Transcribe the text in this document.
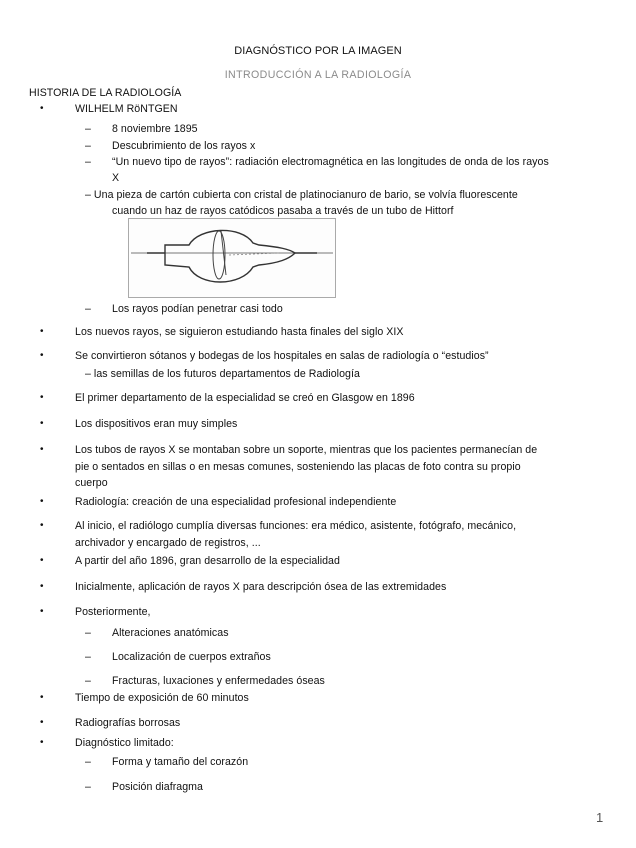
DIAGNÓSTICO POR LA IMAGEN
INTRODUCCIÓN A LA RADIOLOGÍA
HISTORIA DE LA RADIOLOGÍA
•	WILHELM RöNTGEN
– 8 noviembre 1895
– Descubrimiento de los rayos x
– “Un nuevo tipo de rayos”: radiación electromagnética en las longitudes de onda de los rayos
X
– Una pieza de cartón cubierta con cristal de platinocianuro de bario, se volvía fluorescente
cuando un haz de rayos catódicos pasaba a través de un tubo de Hittorf
– Los rayos podían penetrar casi todo
•	Los nuevos rayos, se siguieron estudiando hasta finales del siglo XIX
•	Se convirtieron sótanos y bodegas de los hospitales en salas de radiología o “estudios”
– las semillas de los futuros departamentos de Radiología
•	El primer departamento de la especialidad se creó en Glasgow en 1896
•	Los dispositivos eran muy simples
•	Los tubos de rayos X se montaban sobre un soporte, mientras que los pacientes permanecían de
pie o sentados en sillas o en mesas comunes, sosteniendo las placas de foto contra su propio
cuerpo
•	Radiología: creación de una especialidad profesional independiente
•	Al inicio, el radiólogo cumplía diversas funciones: era médico, asistente, fotógrafo, mecánico,
archivador y encargado de registros, ...
•	A partir del año 1896, gran desarrollo de la especialidad
•	Inicialmente, aplicación de rayos X para descripción ósea de las extremidades
•	Posteriormente,
– Alteraciones anatómicas
– Localización de cuerpos extraños
– Fracturas, luxaciones y enfermedades óseas
•	Tiempo de exposición de 60 minutos
•	Radiografías borrosas
•	Diagnóstico limitado:
– Forma y tamaño del corazón
– Posición diafragma
1
